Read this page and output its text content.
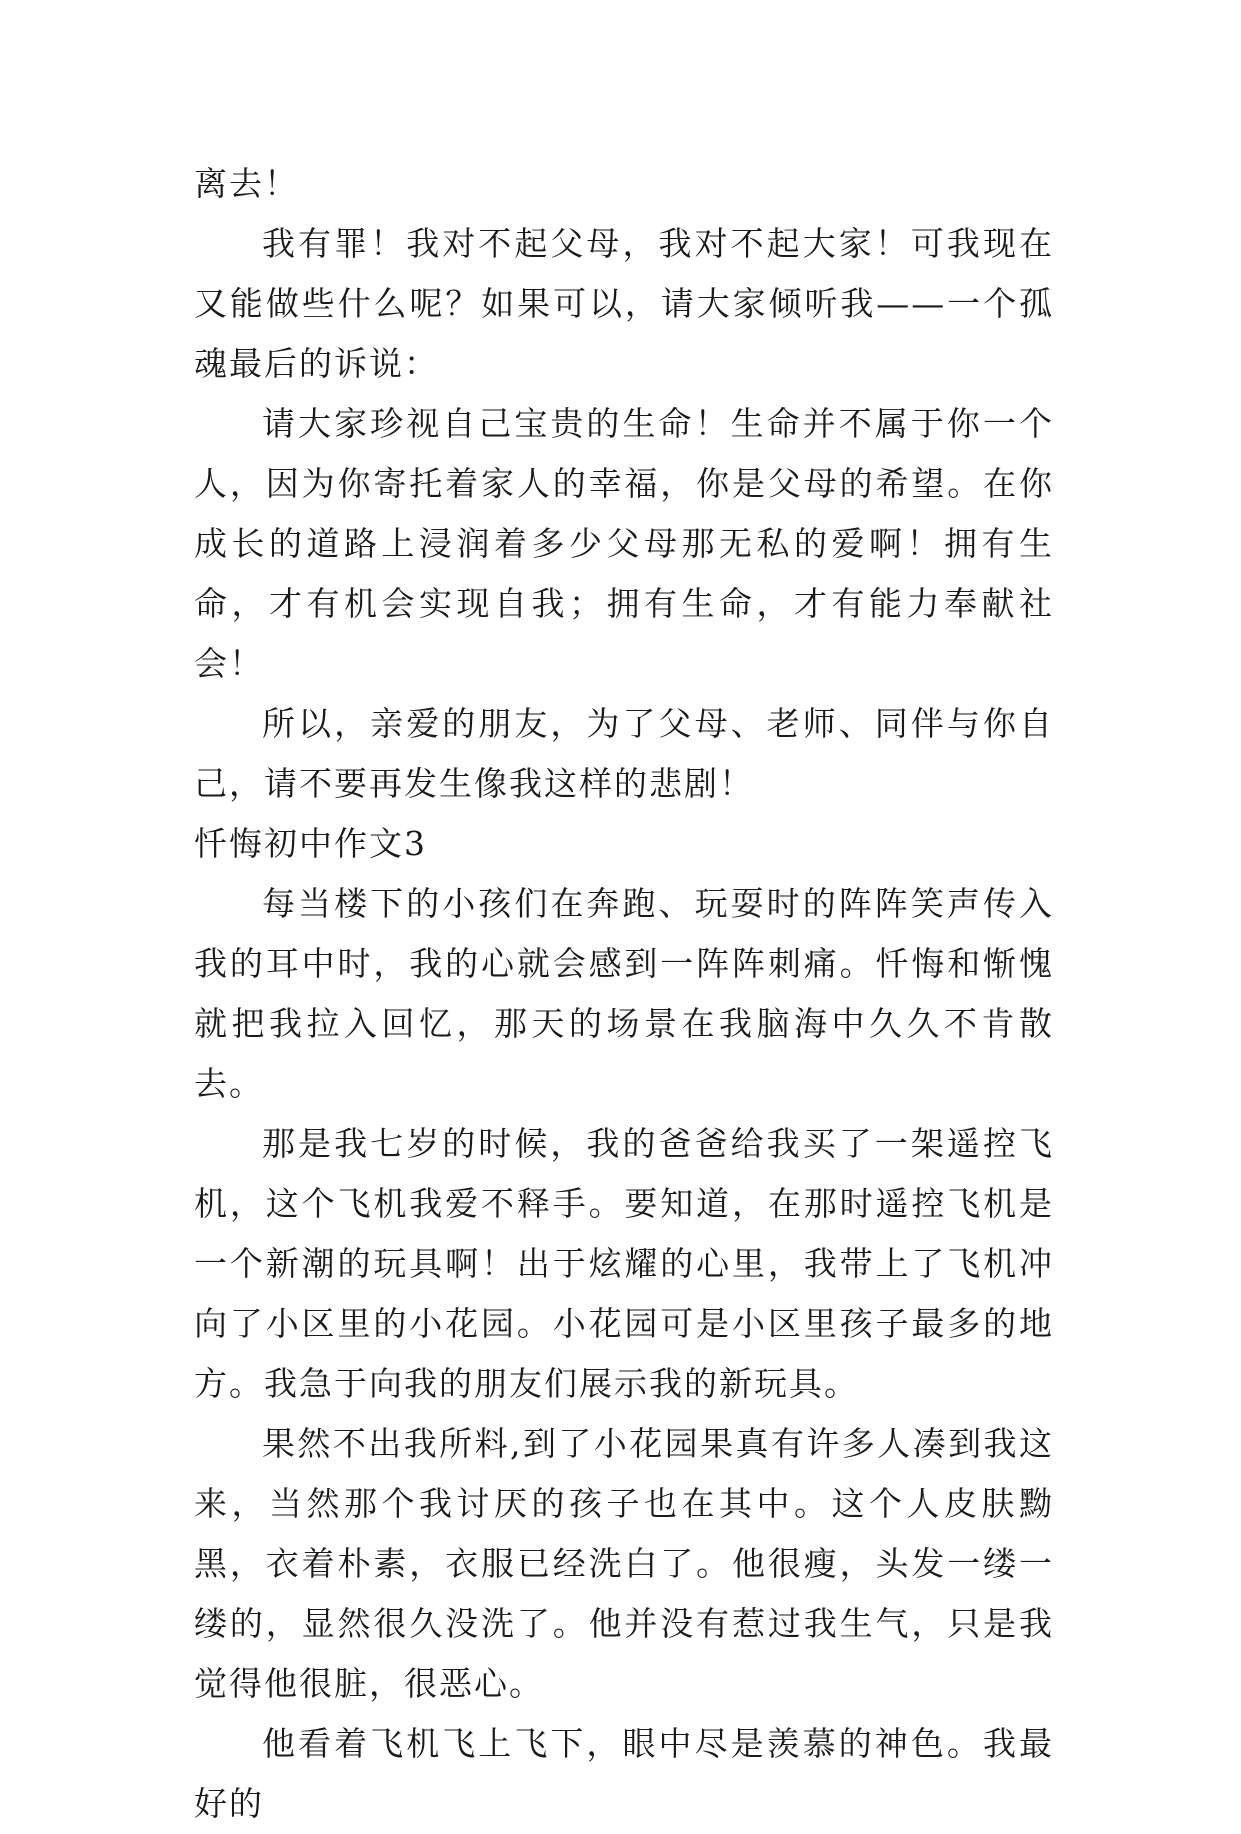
离去！

我有罪！我对不起父母，我对不起大家！可我现在又能做些什么呢？如果可以，请大家倾听我——一个孤魂最后的诉说：

请大家珍视自己宝贵的生命！生命并不属于你一个人，因为你寄托着家人的幸福，你是父母的希望。在你成长的道路上浸润着多少父母那无私的爱啊！拥有生命，才有机会实现自我；拥有生命，才有能力奉献社会！

所以，亲爱的朋友，为了父母、老师、同伴与你自己，请不要再发生像我这样的悲剧！

忏悔初中作文3

每当楼下的小孩们在奔跑、玩耍时的阵阵笑声传入我的耳中时，我的心就会感到一阵阵刺痛。忏悔和惭愧就把我拉入回忆，那天的场景在我脑海中久久不肯散去。

那是我七岁的时候，我的爸爸给我买了一架遥控飞机，这个飞机我爱不释手。要知道，在那时遥控飞机是一个新潮的玩具啊！出于炫耀的心里，我带上了飞机冲向了小区里的小花园。小花园可是小区里孩子最多的地方。我急于向我的朋友们展示我的新玩具。

果然不出我所料,到了小花园果真有许多人凑到我这来，当然那个我讨厌的孩子也在其中。这个人皮肤黝黑，衣着朴素，衣服已经洗白了。他很瘦，头发一缕一缕的，显然很久没洗了。他并没有惹过我生气，只是我觉得他很脏，很恶心。

他看着飞机飞上飞下，眼中尽是羡慕的神色。我最好的
